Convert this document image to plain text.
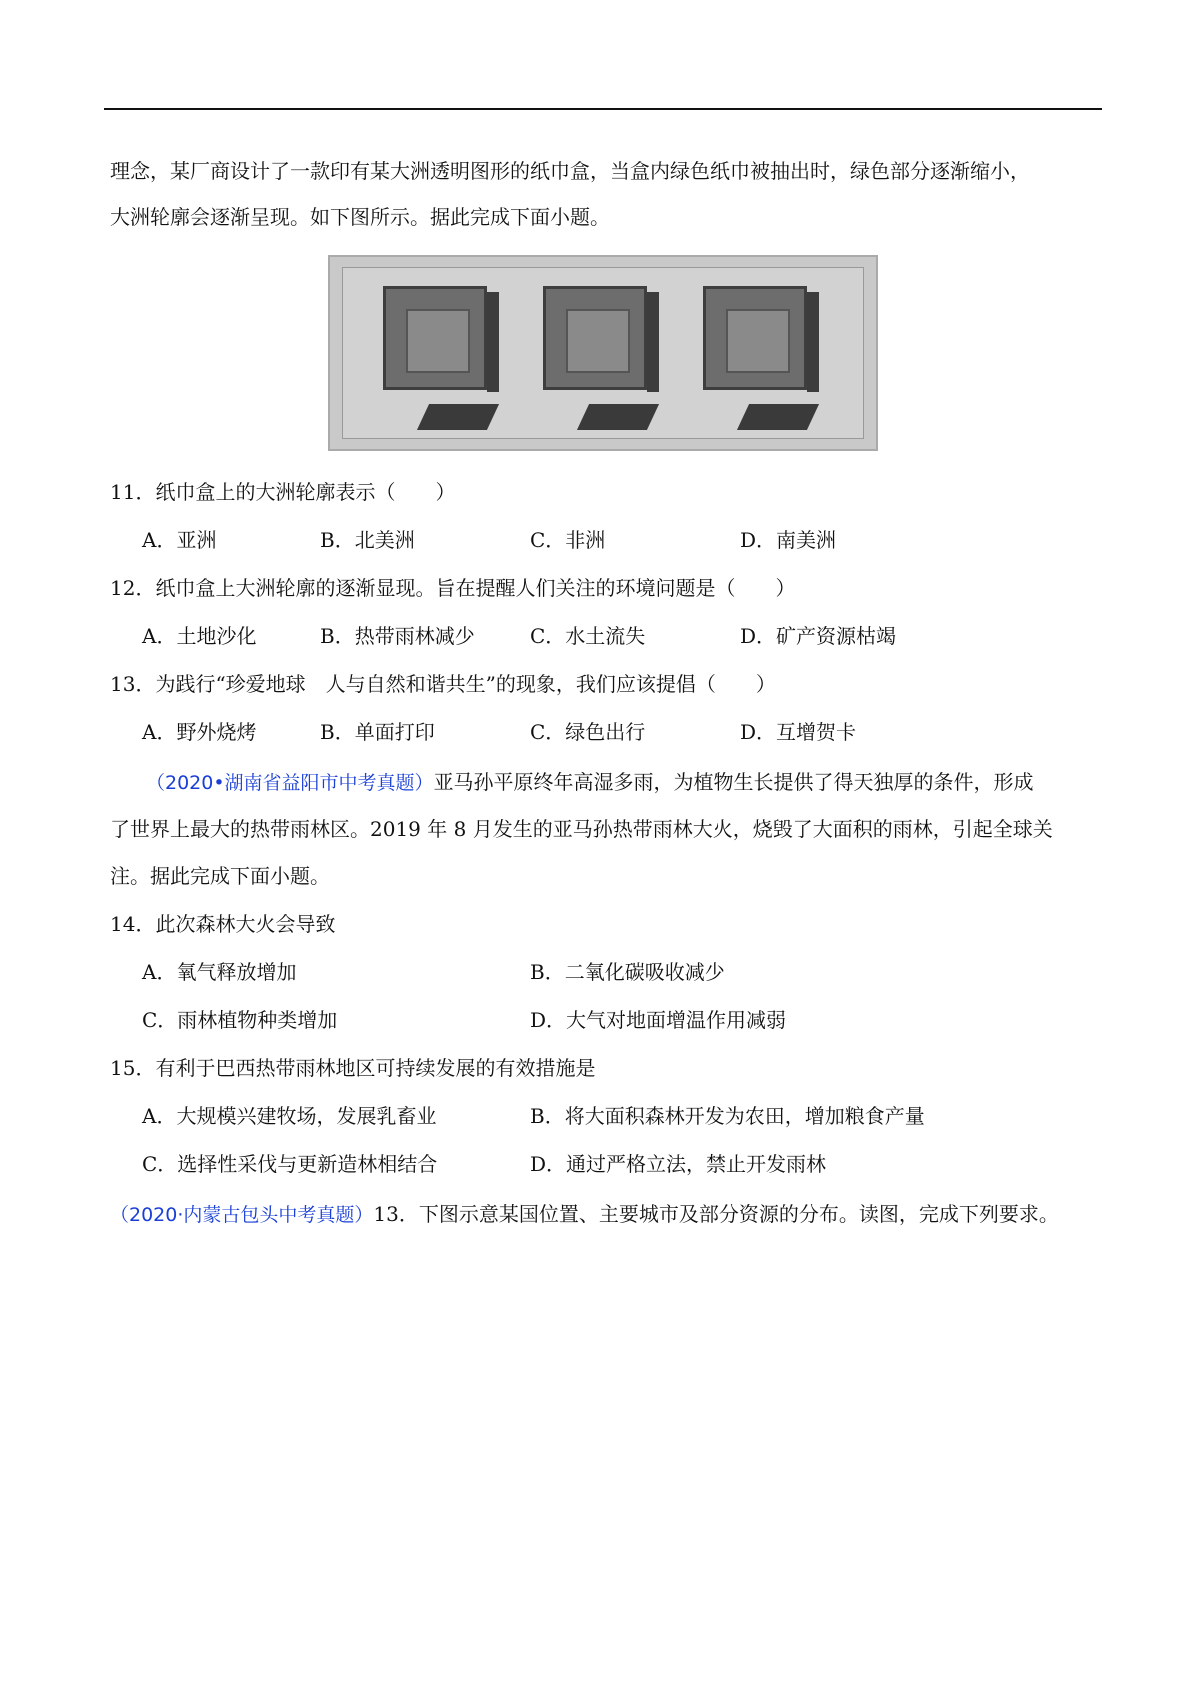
理念，某厂商设计了一款印有某大洲透明图形的纸巾盒，当盒内绿色纸巾被抽出时，绿色部分逐渐缩小，
大洲轮廓会逐渐呈现。如下图所示。据此完成下面小题。
11．纸巾盒上的大洲轮廓表示（　　）
A．亚洲	B．北美洲	C．非洲	D．南美洲
12．纸巾盒上大洲轮廓的逐渐显现。旨在提醒人们关注的环境问题是（　　）
A．土地沙化	B．热带雨林减少	C．水土流失	D．矿产资源枯竭
13．为践行“珍爱地球　人与自然和谐共生”的现象，我们应该提倡（　　）
A．野外烧烤	B．单面打印	C．绿色出行	D．互增贺卡
（2020•湖南省益阳市中考真题）亚马孙平原终年高湿多雨，为植物生长提供了得天独厚的条件，形成
了世界上最大的热带雨林区。2019 年 8 月发生的亚马孙热带雨林大火，烧毁了大面积的雨林，引起全球关
注。据此完成下面小题。
14．此次森林大火会导致
A．氧气释放增加	B．二氧化碳吸收减少
C．雨林植物种类增加	D．大气对地面增温作用减弱
15．有利于巴西热带雨林地区可持续发展的有效措施是
A．大规模兴建牧场，发展乳畜业	B．将大面积森林开发为农田，增加粮食产量
C．选择性采伐与更新造林相结合	D．通过严格立法，禁止开发雨林
（2020·内蒙古包头中考真题）13．下图示意某国位置、主要城市及部分资源的分布。读图，完成下列要求。
